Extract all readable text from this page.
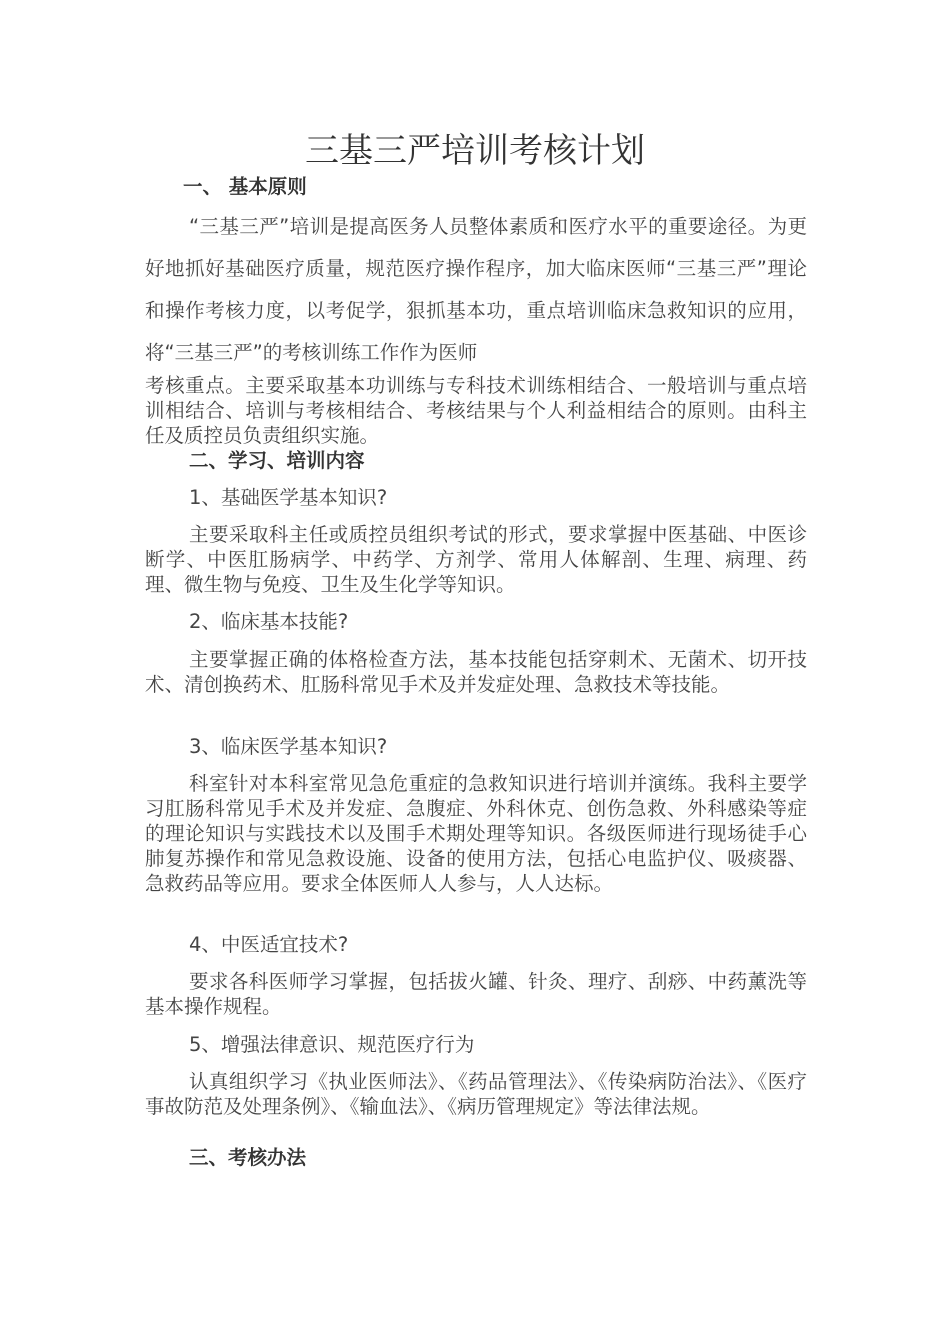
三基三严培训考核计划
一、 基本原则

“三基三严”培训是提高医务人员整体素质和医疗水平的重要途径。为更好地抓好基础医疗质量，规范医疗操作程序，加大临床医师“三基三严”理论和操作考核力度，以考促学，狠抓基本功，重点培训临床急救知识的应用，将“三基三严”的考核训练工作作为医师

考核重点。主要采取基本功训练与专科技术训练相结合、一般培训与重点培训相结合、培训与考核相结合、考核结果与个人利益相结合的原则。由科主任及质控员负责组织实施。

二、学习、培训内容
1、基础医学基本知识?

主要采取科主任或质控员组织考试的形式，要求掌握中医基础、中医诊断学、中医肛肠病学、中药学、方剂学、常用人体解剖、生理、病理、药理、微生物与免疫、卫生及生化学等知识。

2、临床基本技能?

主要掌握正确的体格检查方法，基本技能包括穿刺术、无菌术、切开技术、清创换药术、肛肠科常见手术及并发症处理、急救技术等技能。

3、临床医学基本知识?

科室针对本科室常见急危重症的急救知识进行培训并演练。我科主要学习肛肠科常见手术及并发症、急腹症、外科休克、创伤急救、外科感染等症的理论知识与实践技术以及围手术期处理等知识。各级医师进行现场徒手心肺复苏操作和常见急救设施、设备的使用方法，包括心电监护仪、吸痰器、急救药品等应用。要求全体医师人人参与，人人达标。

4、中医适宜技术?

要求各科医师学习掌握，包括拔火罐、针灸、理疗、刮痧、中药薰洗等基本操作规程。

5、增强法律意识、规范医疗行为

认真组织学习《执业医师法》、《药品管理法》、《传染病防治法》、《医疗事故防范及处理条例》、《输血法》、《病历管理规定》等法律法规。

三、考核办法
